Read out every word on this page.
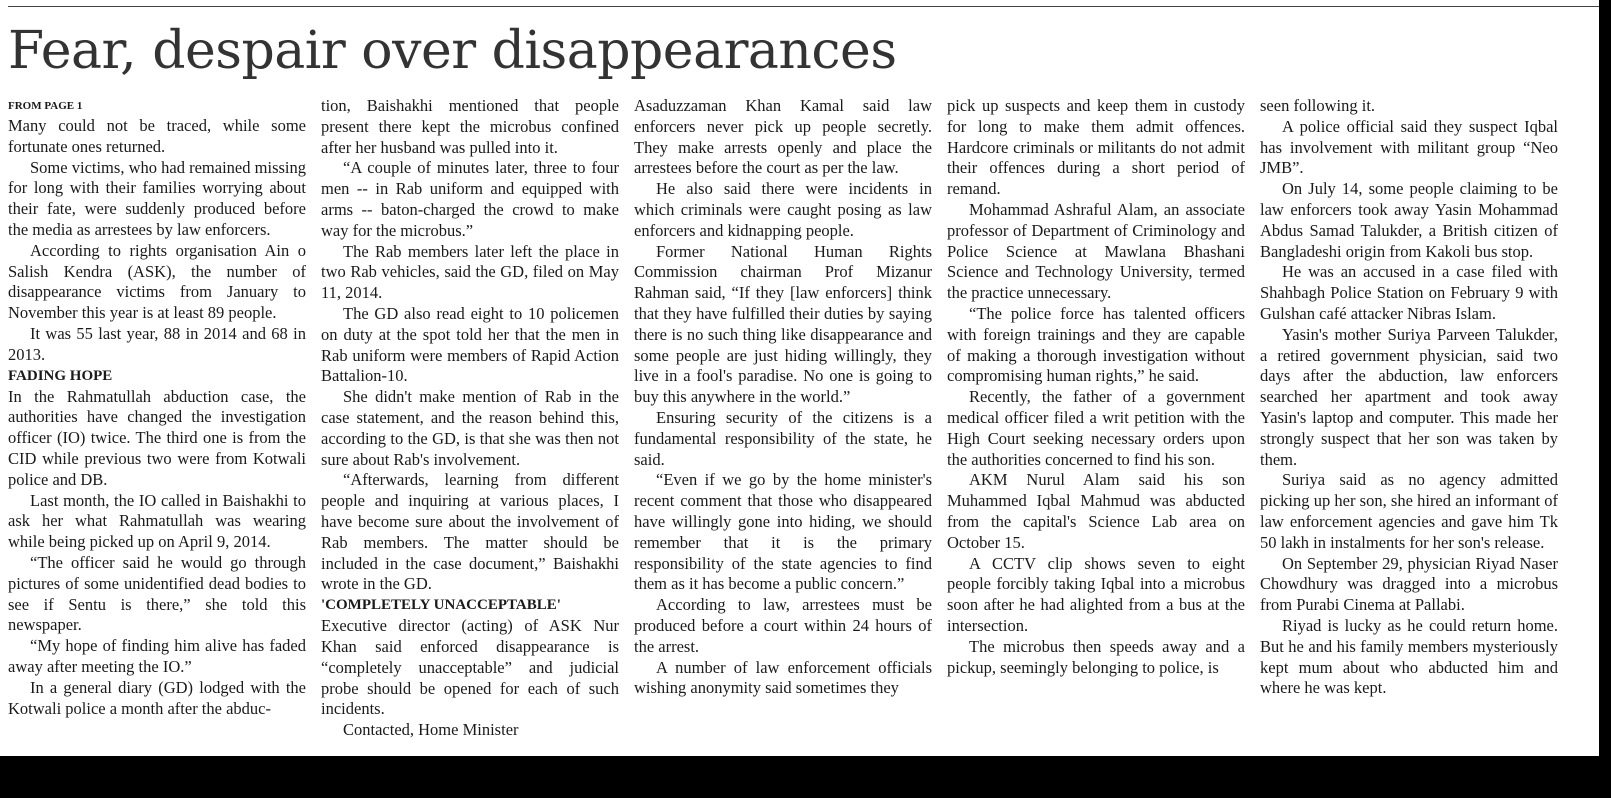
Fear, despair over disappearances
FROM PAGE 1

Many could not be traced, while some fortunate ones returned.

Some victims, who had remained missing for long with their families worrying about their fate, were suddenly produced before the media as arrestees by law enforcers.

According to rights organisation Ain o Salish Kendra (ASK), the number of disappearance victims from January to November this year is at least 89 people.

It was 55 last year, 88 in 2014 and 68 in 2013.

FADING HOPE

In the Rahmatullah abduction case, the authorities have changed the investigation officer (IO) twice. The third one is from the CID while previous two were from Kotwali police and DB.

Last month, the IO called in Baishakhi to ask her what Rahmatullah was wearing while being picked up on April 9, 2014.

“The officer said he would go through pictures of some unidentified dead bodies to see if Sentu is there,” she told this newspaper.

“My hope of finding him alive has faded away after meeting the IO.”

In a general diary (GD) lodged with the Kotwali police a month after the abduc-

tion, Baishakhi mentioned that people present there kept the microbus confined after her husband was pulled into it.

“A couple of minutes later, three to four men -- in Rab uniform and equipped with arms -- baton-charged the crowd to make way for the microbus.”

The Rab members later left the place in two Rab vehicles, said the GD, filed on May 11, 2014.

The GD also read eight to 10 policemen on duty at the spot told her that the men in Rab uniform were members of Rapid Action Battalion-10.

She didn't make mention of Rab in the case statement, and the reason behind this, according to the GD, is that she was then not sure about Rab's involvement.

“Afterwards, learning from different people and inquiring at various places, I have become sure about the involvement of Rab members. The matter should be included in the case document,” Baishakhi wrote in the GD.

'COMPLETELY UNACCEPTABLE'

Executive director (acting) of ASK Nur Khan said enforced disappearance is “completely unacceptable” and judicial probe should be opened for each of such incidents.

Contacted, Home Minister

Asaduzzaman Khan Kamal said law enforcers never pick up people secretly. They make arrests openly and place the arrestees before the court as per the law.

He also said there were incidents in which criminals were caught posing as law enforcers and kidnapping people.

Former National Human Rights Commission chairman Prof Mizanur Rahman said, “If they [law enforcers] think that they have fulfilled their duties by saying there is no such thing like disappearance and some people are just hiding willingly, they live in a fool's paradise. No one is going to buy this anywhere in the world.”

Ensuring security of the citizens is a fundamental responsibility of the state, he said.

“Even if we go by the home minister's recent comment that those who disappeared have willingly gone into hiding, we should remember that it is the primary responsibility of the state agencies to find them as it has become a public concern.”

According to law, arrestees must be produced before a court within 24 hours of the arrest.

A number of law enforcement officials wishing anonymity said sometimes they

pick up suspects and keep them in custody for long to make them admit offences. Hardcore criminals or militants do not admit their offences during a short period of remand.

Mohammad Ashraful Alam, an associate professor of Department of Criminology and Police Science at Mawlana Bhashani Science and Technology University, termed the practice unnecessary.

“The police force has talented officers with foreign trainings and they are capable of making a thorough investigation without compromising human rights,” he said.

Recently, the father of a government medical officer filed a writ petition with the High Court seeking necessary orders upon the authorities concerned to find his son.

AKM Nurul Alam said his son Muhammed Iqbal Mahmud was abducted from the capital's Science Lab area on October 15.

A CCTV clip shows seven to eight people forcibly taking Iqbal into a microbus soon after he had alighted from a bus at the intersection.

The microbus then speeds away and a pickup, seemingly belonging to police, is

seen following it.

A police official said they suspect Iqbal has involvement with militant group “Neo JMB”.

On July 14, some people claiming to be law enforcers took away Yasin Mohammad Abdus Samad Talukder, a British citizen of Bangladeshi origin from Kakoli bus stop.

He was an accused in a case filed with Shahbagh Police Station on February 9 with Gulshan café attacker Nibras Islam.

Yasin's mother Suriya Parveen Talukder, a retired government physician, said two days after the abduction, law enforcers searched her apartment and took away Yasin's laptop and computer. This made her strongly suspect that her son was taken by them.

Suriya said as no agency admitted picking up her son, she hired an informant of law enforcement agencies and gave him Tk 50 lakh in instalments for her son's release.

On September 29, physician Riyad Naser Chowdhury was dragged into a microbus from Purabi Cinema at Pallabi.

Riyad is lucky as he could return home. But he and his family members mysteriously kept mum about who abducted him and where he was kept.
